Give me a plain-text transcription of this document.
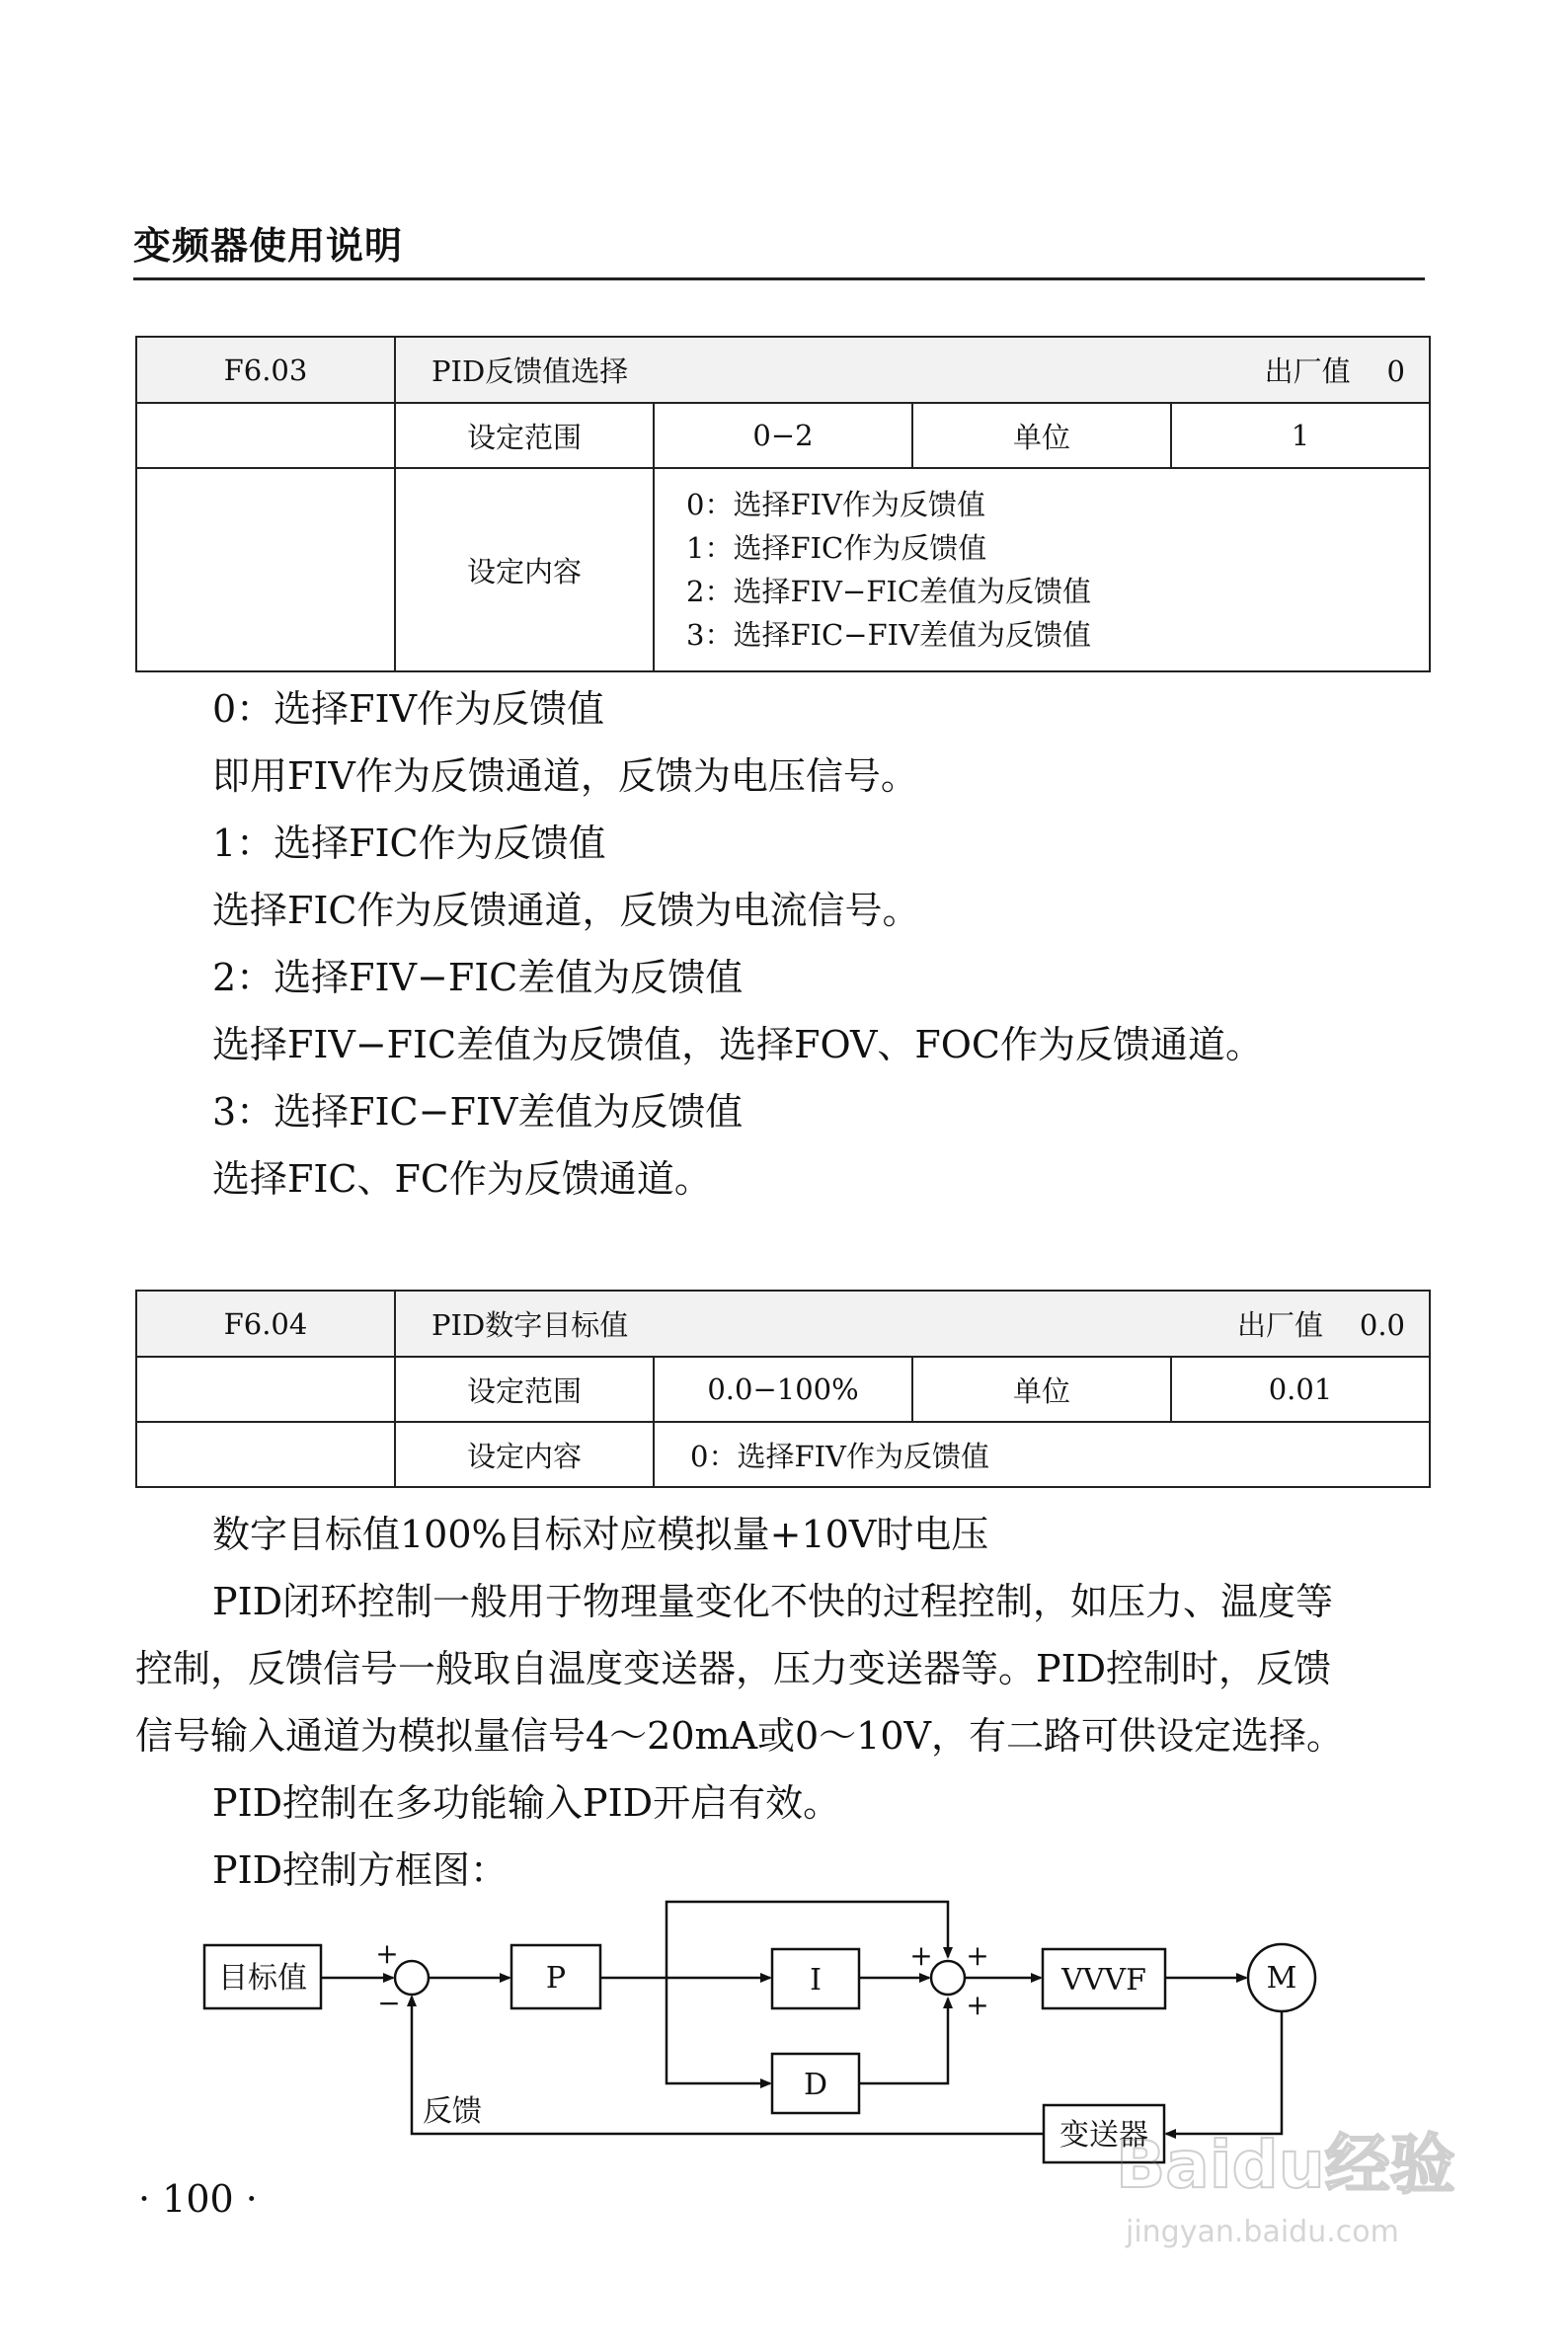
变频器使用说明
F6.03	PID反馈值选择 出厂值 0			

	设定范围	0−2	单位	1
	设定内容	0：选择FIV作为反馈值
1：选择FIC作为反馈值
2：选择FIV−FIC差值为反馈值
3：选择FIC−FIV差值为反馈值		
0：选择FIV作为反馈值
即用FIV作为反馈通道，反馈为电压信号。
1：选择FIC作为反馈值
选择FIC作为反馈通道，反馈为电流信号。
2：选择FIV−FIC差值为反馈值
选择FIV−FIC差值为反馈值，选择FOV、FOC作为反馈通道。
3：选择FIC−FIV差值为反馈值
选择FIC、FC作为反馈通道。
F6.04	PID数字目标值 出厂值 0.0			

	设定范围	0.0−100%	单位	0.01
	设定内容	0：选择FIV作为反馈值		
数字目标值100%目标对应模拟量+10V时电压
PID闭环控制一般用于物理量变化不快的过程控制，如压力、温度等
控制，反馈信号一般取自温度变送器，压力变送器等。PID控制时，反馈
信号输入通道为模拟量信号4～20mA或0～10V，有二路可供设定选择。
PID控制在多功能输入PID开启有效。
PID控制方框图：
目标值	P	I
D
VVVF	M
变送器
反馈
+
−
+ +
+
· 100 ·	Baidu经验
jingyan.baidu.com
